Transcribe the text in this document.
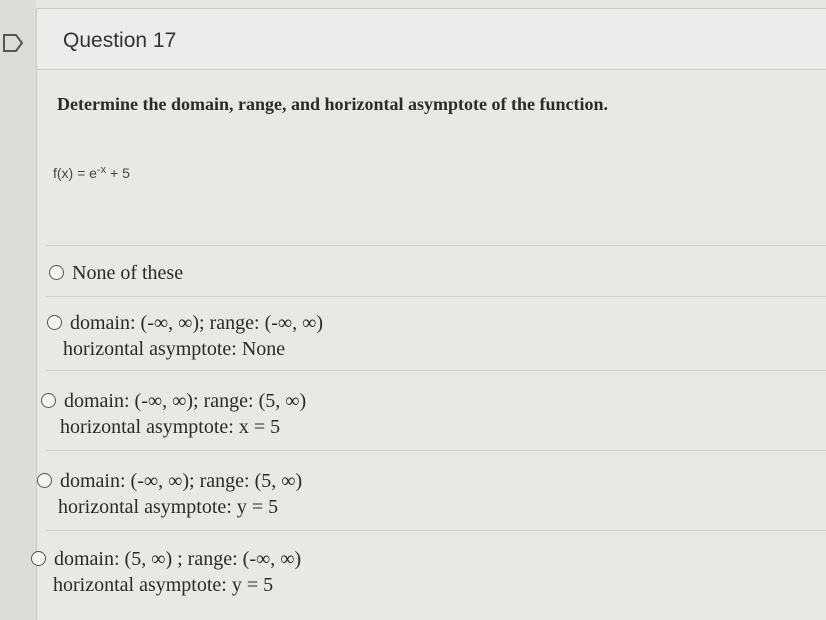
Question 17
Determine the domain, range, and horizontal asymptote of the function.
$f(x) = e^{-x} + 5$
None of these
domain: (-∞, ∞); range: (-∞, ∞)
horizontal asymptote: None
domain: (-∞, ∞); range: (5, ∞)
horizontal asymptote: x = 5
domain: (-∞, ∞); range: (5, ∞)
horizontal asymptote: y = 5
domain: (5, ∞) ; range: (-∞, ∞)
horizontal asymptote: y = 5
